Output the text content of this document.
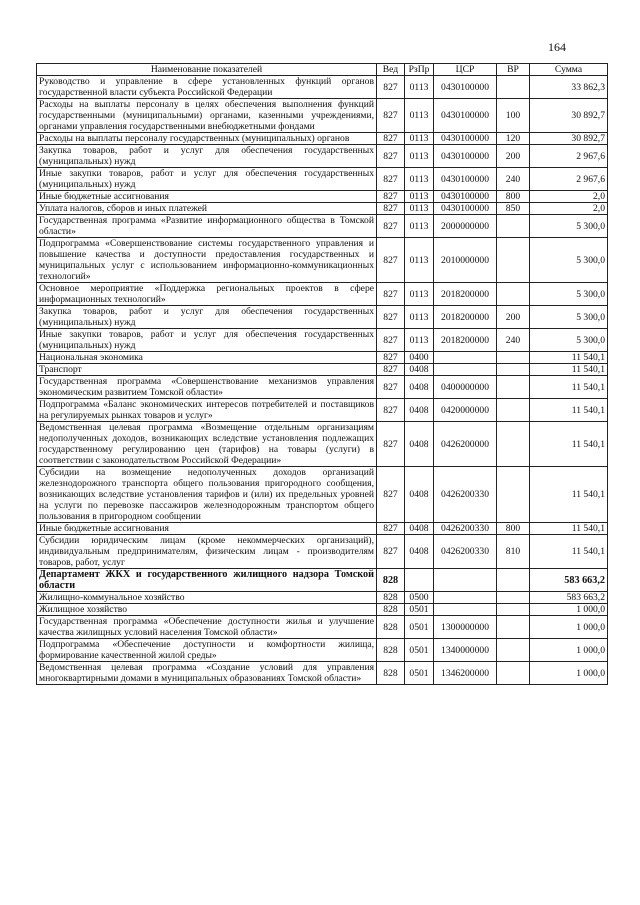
164
Наименование показателей	Вед	РзПр	ЦСР	ВР	Сумма
Руководство и управление в сфере установленных функций органов государственной власти субъекта Российской Федерации	827	0113	0430100000		33 862,3
Расходы на выплаты персоналу в целях обеспечения выполнения функций государственными (муниципальными) органами, казенными учреждениями, органами управления государственными внебюджетными фондами	827	0113	0430100000	100	30 892,7
Расходы на выплаты персоналу государственных (муниципальных) органов	827	0113	0430100000	120	30 892,7
Закупка товаров, работ и услуг для обеспечения государственных (муниципальных) нужд	827	0113	0430100000	200	2 967,6
Иные закупки товаров, работ и услуг для обеспечения государственных (муниципальных) нужд	827	0113	0430100000	240	2 967,6
Иные бюджетные ассигнования	827	0113	0430100000	800	2,0
Уплата налогов, сборов и иных платежей	827	0113	0430100000	850	2,0
Государственная программа «Развитие информационного общества в Томской области»	827	0113	2000000000		5 300,0
Подпрограмма «Совершенствование системы государственного управления и повышение качества и доступности предоставления государственных и муниципальных услуг с использованием информационно-коммуникационных технологий»	827	0113	2010000000		5 300,0
Основное мероприятие «Поддержка региональных проектов в сфере информационных технологий»	827	0113	2018200000		5 300,0
Закупка товаров, работ и услуг для обеспечения государственных (муниципальных) нужд	827	0113	2018200000	200	5 300,0
Иные закупки товаров, работ и услуг для обеспечения государственных (муниципальных) нужд	827	0113	2018200000	240	5 300,0
Национальная экономика	827	0400			11 540,1
Транспорт	827	0408			11 540,1
Государственная программа «Совершенствование механизмов управления экономическим развитием Томской области»	827	0408	0400000000		11 540,1
Подпрограмма «Баланс экономических интересов потребителей и поставщиков на регулируемых рынках товаров и услуг»	827	0408	0420000000		11 540,1
Ведомственная целевая программа «Возмещение отдельным организациям недополученных доходов, возникающих вследствие установления подлежащих государственному регулированию цен (тарифов) на товары (услуги) в соответствии с законодательством Российской Федерации»	827	0408	0426200000		11 540,1
Субсидии на возмещение недополученных доходов организаций железнодорожного транспорта общего пользования пригородного сообщения, возникающих вследствие установления тарифов и (или) их предельных уровней на услуги по перевозке пассажиров железнодорожным транспортом общего пользования в пригородном сообщении	827	0408	0426200330		11 540,1
Иные бюджетные ассигнования	827	0408	0426200330	800	11 540,1
Субсидии юридическим лицам (кроме некоммерческих организаций), индивидуальным предпринимателям, физическим лицам - производителям товаров, работ, услуг	827	0408	0426200330	810	11 540,1
Департамент ЖКХ и государственного жилищного надзора Томской области	828				583 663,2
Жилищно-коммунальное хозяйство	828	0500			583 663,2
Жилищное хозяйство	828	0501			1 000,0
Государственная программа «Обеспечение доступности жилья и улучшение качества жилищных условий населения Томской области»	828	0501	1300000000		1 000,0
Подпрограмма «Обеспечение доступности и комфортности жилища, формирование качественной жилой среды»	828	0501	1340000000		1 000,0
Ведомственная целевая программа «Создание условий для управления многоквартирными домами в муниципальных образованиях Томской области»	828	0501	1346200000		1 000,0
